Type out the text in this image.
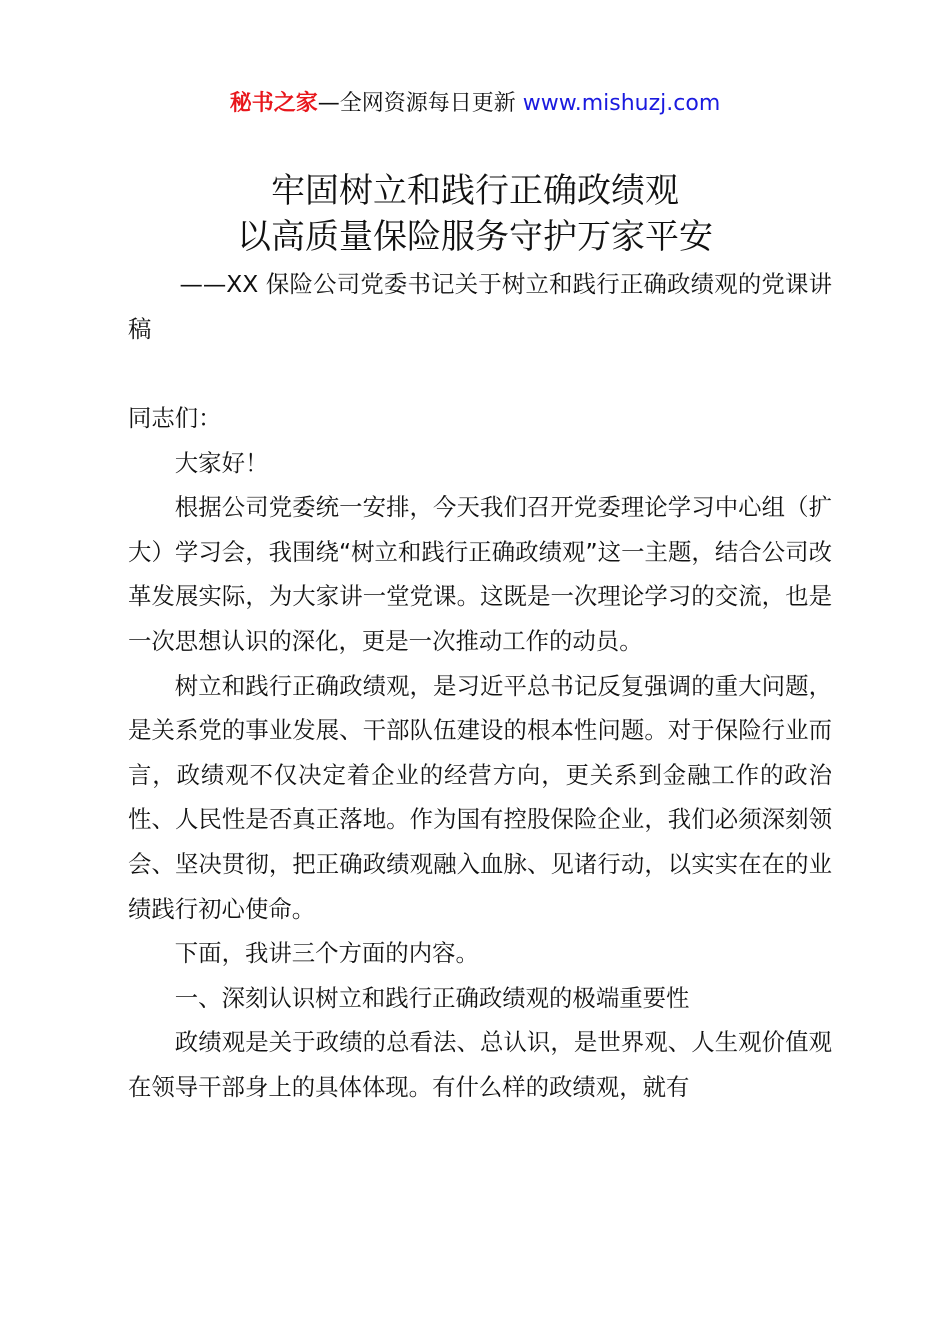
秘书之家—全网资源每日更新 www.mishuzj.com
牢固树立和践行正确政绩观
以高质量保险服务守护万家平安
——XX 保险公司党委书记关于树立和践行正确政绩观的党课讲稿

同志们：

大家好！

根据公司党委统一安排，今天我们召开党委理论学习中心组（扩大）学习会，我围绕“树立和践行正确政绩观”这一主题，结合公司改革发展实际，为大家讲一堂党课。这既是一次理论学习的交流，也是一次思想认识的深化，更是一次推动工作的动员。

树立和践行正确政绩观，是习近平总书记反复强调的重大问题，是关系党的事业发展、干部队伍建设的根本性问题。对于保险行业而言，政绩观不仅决定着企业的经营方向，更关系到金融工作的政治性、人民性是否真正落地。作为国有控股保险企业，我们必须深刻领会、坚决贯彻，把正确政绩观融入血脉、见诸行动，以实实在在的业绩践行初心使命。

下面，我讲三个方面的内容。

一、深刻认识树立和践行正确政绩观的极端重要性

政绩观是关于政绩的总看法、总认识，是世界观、人生观价值观在领导干部身上的具体体现。有什么样的政绩观，就有
